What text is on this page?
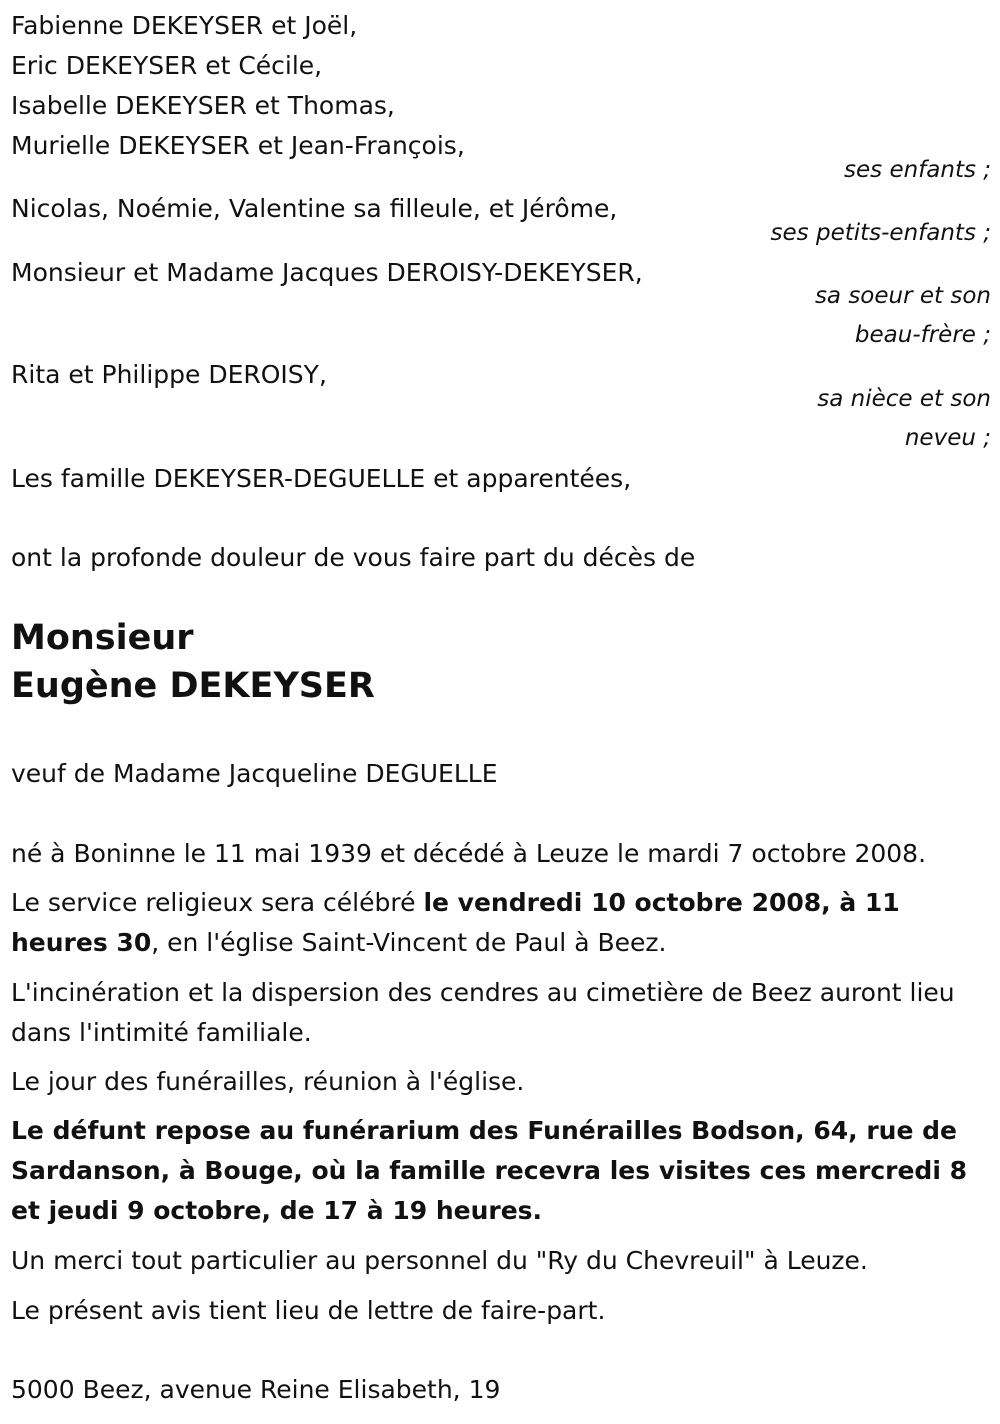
Fabienne DEKEYSER et Joël,
Eric DEKEYSER et Cécile,
Isabelle DEKEYSER et Thomas,
Murielle DEKEYSER et Jean-François,
ses enfants ;
Nicolas, Noémie, Valentine sa filleule, et Jérôme,
ses petits-enfants ;
Monsieur et Madame Jacques DEROISY-DEKEYSER,
sa soeur et son
beau-frère ;
Rita et Philippe DEROISY,
sa nièce et son
neveu ;
Les famille DEKEYSER-DEGUELLE et apparentées,
ont la profonde douleur de vous faire part du décès de
Monsieur
Eugène DEKEYSER
veuf de Madame Jacqueline DEGUELLE
né à Boninne le 11 mai 1939 et décédé à Leuze le mardi 7 octobre 2008.
Le service religieux sera célébré le vendredi 10 octobre 2008, à 11 heures 30, en l'église Saint-Vincent de Paul à Beez.
L'incinération et la dispersion des cendres au cimetière de Beez auront lieu dans l'intimité familiale.
Le jour des funérailles, réunion à l'église.
Le défunt repose au funérarium des Funérailles Bodson, 64, rue de Sardanson, à Bouge, où la famille recevra les visites ces mercredi 8 et jeudi 9 octobre, de 17 à 19 heures.
Un merci tout particulier au personnel du "Ry du Chevreuil" à Leuze.
Le présent avis tient lieu de lettre de faire-part.
5000 Beez, avenue Reine Elisabeth, 19
